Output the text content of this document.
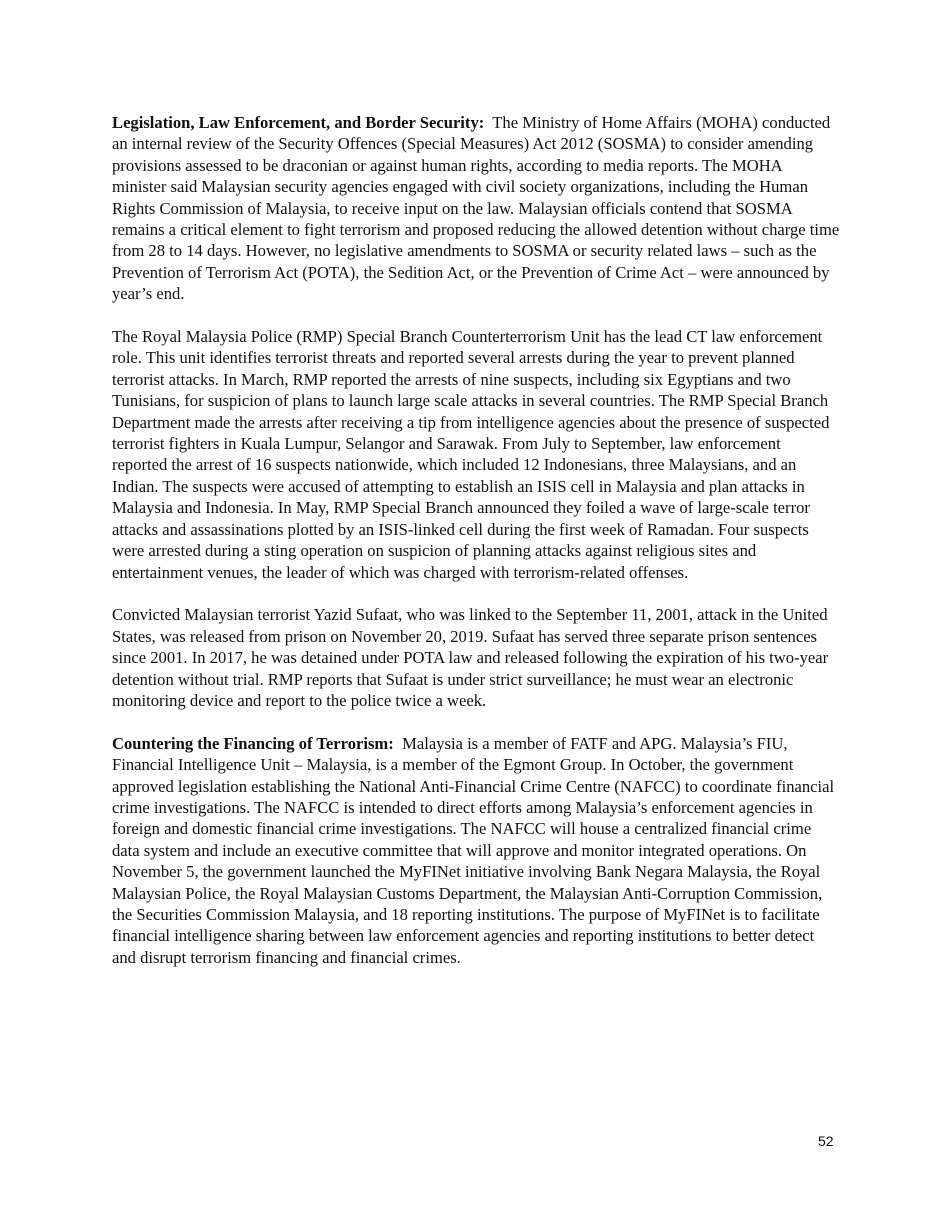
Legislation, Law Enforcement, and Border Security: The Ministry of Home Affairs (MOHA) conducted an internal review of the Security Offences (Special Measures) Act 2012 (SOSMA) to consider amending provisions assessed to be draconian or against human rights, according to media reports. The MOHA minister said Malaysian security agencies engaged with civil society organizations, including the Human Rights Commission of Malaysia, to receive input on the law. Malaysian officials contend that SOSMA remains a critical element to fight terrorism and proposed reducing the allowed detention without charge time from 28 to 14 days. However, no legislative amendments to SOSMA or security related laws – such as the Prevention of Terrorism Act (POTA), the Sedition Act, or the Prevention of Crime Act – were announced by year’s end.

The Royal Malaysia Police (RMP) Special Branch Counterterrorism Unit has the lead CT law enforcement role. This unit identifies terrorist threats and reported several arrests during the year to prevent planned terrorist attacks. In March, RMP reported the arrests of nine suspects, including six Egyptians and two Tunisians, for suspicion of plans to launch large scale attacks in several countries. The RMP Special Branch Department made the arrests after receiving a tip from intelligence agencies about the presence of suspected terrorist fighters in Kuala Lumpur, Selangor and Sarawak. From July to September, law enforcement reported the arrest of 16 suspects nationwide, which included 12 Indonesians, three Malaysians, and an Indian. The suspects were accused of attempting to establish an ISIS cell in Malaysia and plan attacks in Malaysia and Indonesia. In May, RMP Special Branch announced they foiled a wave of large-scale terror attacks and assassinations plotted by an ISIS-linked cell during the first week of Ramadan. Four suspects were arrested during a sting operation on suspicion of planning attacks against religious sites and entertainment venues, the leader of which was charged with terrorism-related offenses.

Convicted Malaysian terrorist Yazid Sufaat, who was linked to the September 11, 2001, attack in the United States, was released from prison on November 20, 2019. Sufaat has served three separate prison sentences since 2001. In 2017, he was detained under POTA law and released following the expiration of his two-year detention without trial. RMP reports that Sufaat is under strict surveillance; he must wear an electronic monitoring device and report to the police twice a week.

Countering the Financing of Terrorism: Malaysia is a member of FATF and APG. Malaysia’s FIU, Financial Intelligence Unit – Malaysia, is a member of the Egmont Group. In October, the government approved legislation establishing the National Anti-Financial Crime Centre (NAFCC) to coordinate financial crime investigations. The NAFCC is intended to direct efforts among Malaysia’s enforcement agencies in foreign and domestic financial crime investigations. The NAFCC will house a centralized financial crime data system and include an executive committee that will approve and monitor integrated operations. On November 5, the government launched the MyFINet initiative involving Bank Negara Malaysia, the Royal Malaysian Police, the Royal Malaysian Customs Department, the Malaysian Anti-Corruption Commission, the Securities Commission Malaysia, and 18 reporting institutions. The purpose of MyFINet is to facilitate financial intelligence sharing between law enforcement agencies and reporting institutions to better detect and disrupt terrorism financing and financial crimes.

52
